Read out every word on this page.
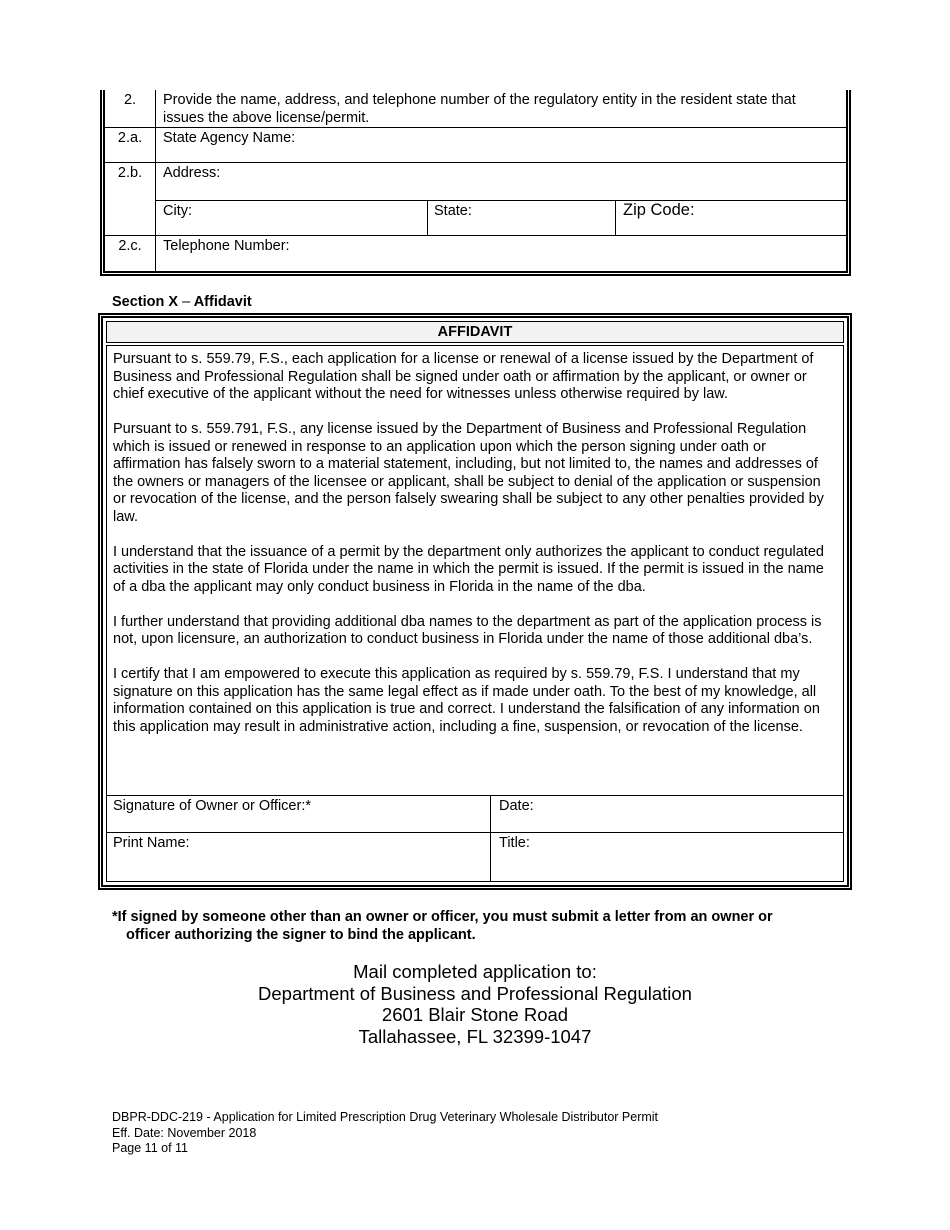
2.	Provide the name, address, and telephone number of the regulatory entity in the resident state that issues the above license/permit.
2.a.	State Agency Name:
2.b.	Address:
City:	State:	Zip Code:
2.c.	Telephone Number:
Section X – Affidavit
AFFIDAVIT

Pursuant to s. 559.79, F.S., each application for a license or renewal of a license issued by the Department of Business and Professional Regulation shall be signed under oath or affirmation by the applicant, or owner or chief executive of the applicant without the need for witnesses unless otherwise required by law.

Pursuant to s. 559.791, F.S., any license issued by the Department of Business and Professional Regulation which is issued or renewed in response to an application upon which the person signing under oath or affirmation has falsely sworn to a material statement, including, but not limited to, the names and addresses of the owners or managers of the licensee or applicant, shall be subject to denial of the application or suspension or revocation of the license, and the person falsely swearing shall be subject to any other penalties provided by law.

I understand that the issuance of a permit by the department only authorizes the applicant to conduct regulated activities in the state of Florida under the name in which the permit is issued. If the permit is issued in the name of a dba the applicant may only conduct business in Florida in the name of the dba.

I further understand that providing additional dba names to the department as part of the application process is not, upon licensure, an authorization to conduct business in Florida under the name of those additional dba’s.

I certify that I am empowered to execute this application as required by s. 559.79, F.S. I understand that my signature on this application has the same legal effect as if made under oath. To the best of my knowledge, all information contained on this application is true and correct. I understand the falsification of any information on this application may result in administrative action, including a fine, suspension, or revocation of the license.

Signature of Owner or Officer:*	Date:
Print Name:	Title:
*If signed by someone other than an owner or officer, you must submit a letter from an owner or
officer authorizing the signer to bind the applicant.
Mail completed application to:
Department of Business and Professional Regulation
2601 Blair Stone Road
Tallahassee, FL 32399-1047
DBPR-DDC-219 - Application for Limited Prescription Drug Veterinary Wholesale Distributor Permit
Eff. Date: November 2018
Page 11 of 11
